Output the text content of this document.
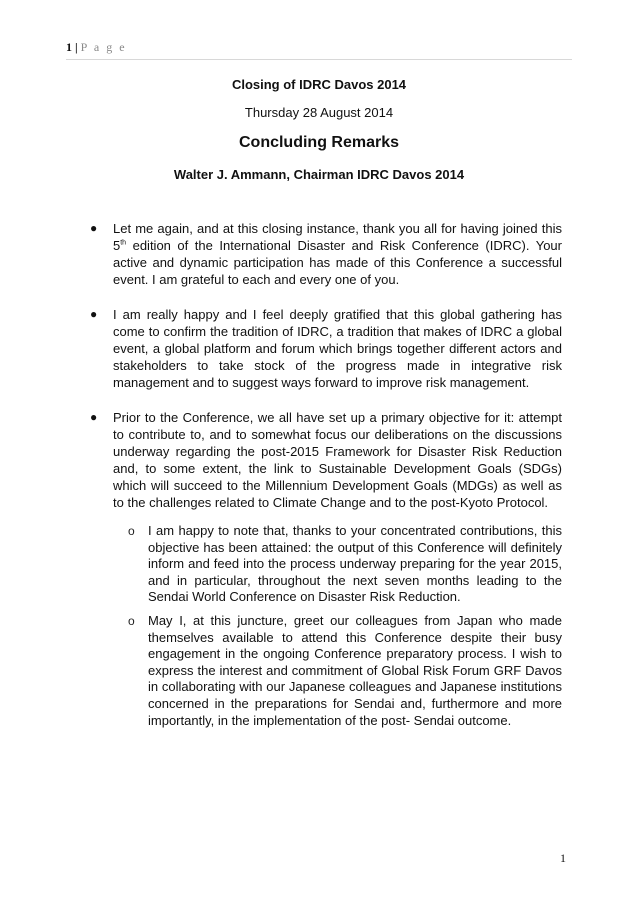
1 | P a g e
Closing of IDRC Davos 2014
Thursday 28 August 2014
Concluding Remarks
Walter J. Ammann, Chairman IDRC Davos 2014
● Let me again, and at this closing instance, thank you all for having joined this 5th edition of the International Disaster and Risk Conference (IDRC). Your active and dynamic participation has made of this Conference a successful event. I am grateful to each and every one of you.
● I am really happy and I feel deeply gratified that this global gathering has come to confirm the tradition of IDRC, a tradition that makes of IDRC a global event, a global platform and forum which brings together different actors and stakeholders to take stock of the progress made in integrative risk management and to suggest ways forward to improve risk management.
● Prior to the Conference, we all have set up a primary objective for it: attempt to contribute to, and to somewhat focus our deliberations on the discussions underway regarding the post-2015 Framework for Disaster Risk Reduction and, to some extent, the link to Sustainable Development Goals (SDGs) which will succeed to the Millennium Development Goals (MDGs) as well as to the challenges related to Climate Change and to the post-Kyoto Protocol.
o I am happy to note that, thanks to your concentrated contributions, this objective has been attained: the output of this Conference will definitely inform and feed into the process underway preparing for the year 2015, and in particular, throughout the next seven months leading to the Sendai World Conference on Disaster Risk Reduction.
o May I, at this juncture, greet our colleagues from Japan who made themselves available to attend this Conference despite their busy engagement in the ongoing Conference preparatory process. I wish to express the interest and commitment of Global Risk Forum GRF Davos in collaborating with our Japanese colleagues and Japanese institutions concerned in the preparations for Sendai and, furthermore and more importantly, in the implementation of the post- Sendai outcome.
1
